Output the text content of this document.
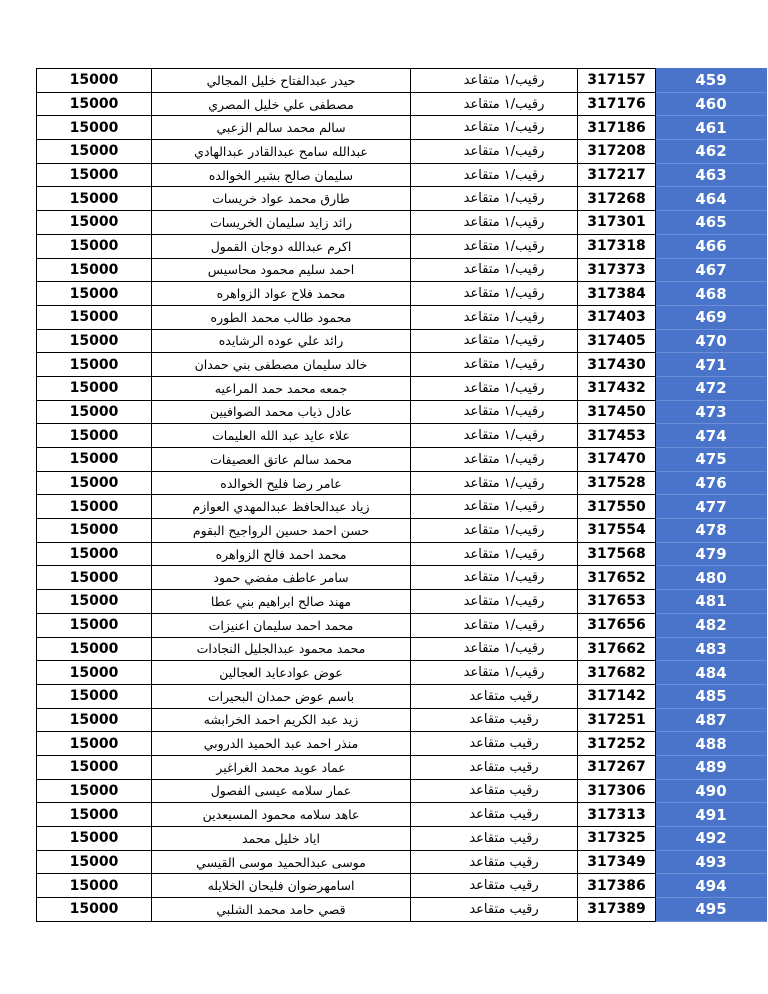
15000	حيدر عبدالفتاح خليل المجالي	رقيب/١ متقاعد	317157	459
15000	مصطفى علي خليل المصري	رقيب/١ متقاعد	317176	460
15000	سالم محمد سالم الزعبي	رقيب/١ متقاعد	317186	461
15000	عبدالله سامح عبدالقادر عبدالهادي	رقيب/١ متقاعد	317208	462
15000	سليمان صالح بشير الخوالده	رقيب/١ متقاعد	317217	463
15000	طارق محمد عواد خريسات	رقيب/١ متقاعد	317268	464
15000	رائد زايد سليمان الخريسات	رقيب/١ متقاعد	317301	465
15000	اكرم عبدالله دوجان القمول	رقيب/١ متقاعد	317318	466
15000	احمد سليم محمود محاسيس	رقيب/١ متقاعد	317373	467
15000	محمد فلاح عواد الزواهره	رقيب/١ متقاعد	317384	468
15000	محمود طالب محمد الطوره	رقيب/١ متقاعد	317403	469
15000	رائد علي عوده الرشايده	رقيب/١ متقاعد	317405	470
15000	خالد سليمان مصطفى بني حمدان	رقيب/١ متقاعد	317430	471
15000	جمعه محمد حمد المراعيه	رقيب/١ متقاعد	317432	472
15000	عادل ذياب محمد الصوافيين	رقيب/١ متقاعد	317450	473
15000	علاء عايد عبد الله العليمات	رقيب/١ متقاعد	317453	474
15000	محمد سالم عاتق العصيفات	رقيب/١ متقاعد	317470	475
15000	عامر رضا فليح الخوالده	رقيب/١ متقاعد	317528	476
15000	زياد عبدالحافظ عبدالمهدي العوازم	رقيب/١ متقاعد	317550	477
15000	حسن احمد حسين الرواجيح البقوم	رقيب/١ متقاعد	317554	478
15000	محمد احمد فالح الزواهره	رقيب/١ متقاعد	317568	479
15000	سامر عاطف مفضي حمود	رقيب/١ متقاعد	317652	480
15000	مهند صالح ابراهيم بني عطا	رقيب/١ متقاعد	317653	481
15000	محمد احمد سليمان اعنيزات	رقيب/١ متقاعد	317656	482
15000	محمد محمود عبدالجليل النجادات	رقيب/١ متقاعد	317662	483
15000	عوض عوادعايد العجالين	رقيب/١ متقاعد	317682	484
15000	باسم عوض حمدان البحيرات	رقيب متقاعد	317142	485
15000	زيد عبد الكريم احمد الخرابشه	رقيب متقاعد	317251	487
15000	منذر احمد عبد الحميد الدروبي	رقيب متقاعد	317252	488
15000	عماد عويد محمد الغراغير	رقيب متقاعد	317267	489
15000	عمار سلامه عيسى الفصول	رقيب متقاعد	317306	490
15000	عاهد سلامه محمود المسيعدين	رقيب متقاعد	317313	491
15000	اياد خليل محمد	رقيب متقاعد	317325	492
15000	موسى عبدالحميد موسى القيسي	رقيب متقاعد	317349	493
15000	اسامهرضوان فليحان الخلايله	رقيب متقاعد	317386	494
15000	قصي حامد محمد الشلبي	رقيب متقاعد	317389	495
